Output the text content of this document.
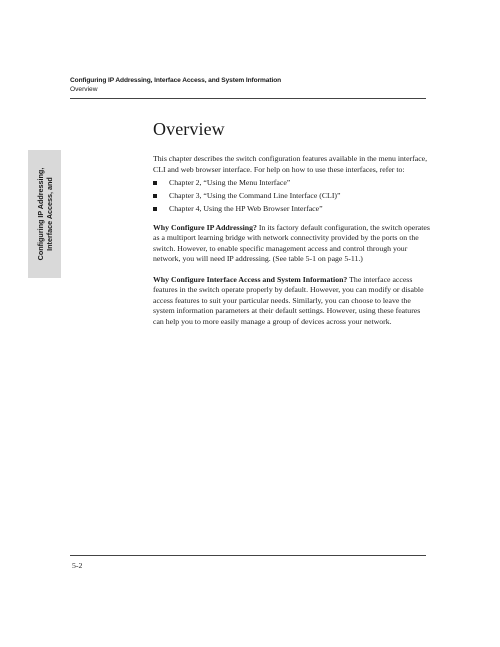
Configuring IP Addressing, Interface Access, and System Information
Overview
Configuring IP Addressing, Interface Access, and
Overview

This chapter describes the switch configuration features available in the menu interface, CLI and web browser interface. For help on how to use these interfaces, refer to:

Chapter 2, “Using the Menu Interface”
Chapter 3, “Using the Command Line Interface (CLI)”
Chapter 4, Using the HP Web Browser Interface”

Why Configure IP Addressing? In its factory default configuration, the switch operates as a multiport learning bridge with network connectivity provided by the ports on the switch. However, to enable specific management access and control through your network, you will need IP addressing. (See table 5-1 on page 5-11.)

Why Configure Interface Access and System Information? The interface access features in the switch operate properly by default. However, you can modify or disable access features to suit your particular needs. Similarly, you can choose to leave the system information parameters at their default settings. However, using these features can help you to more easily manage a group of devices across your network.

5-2
